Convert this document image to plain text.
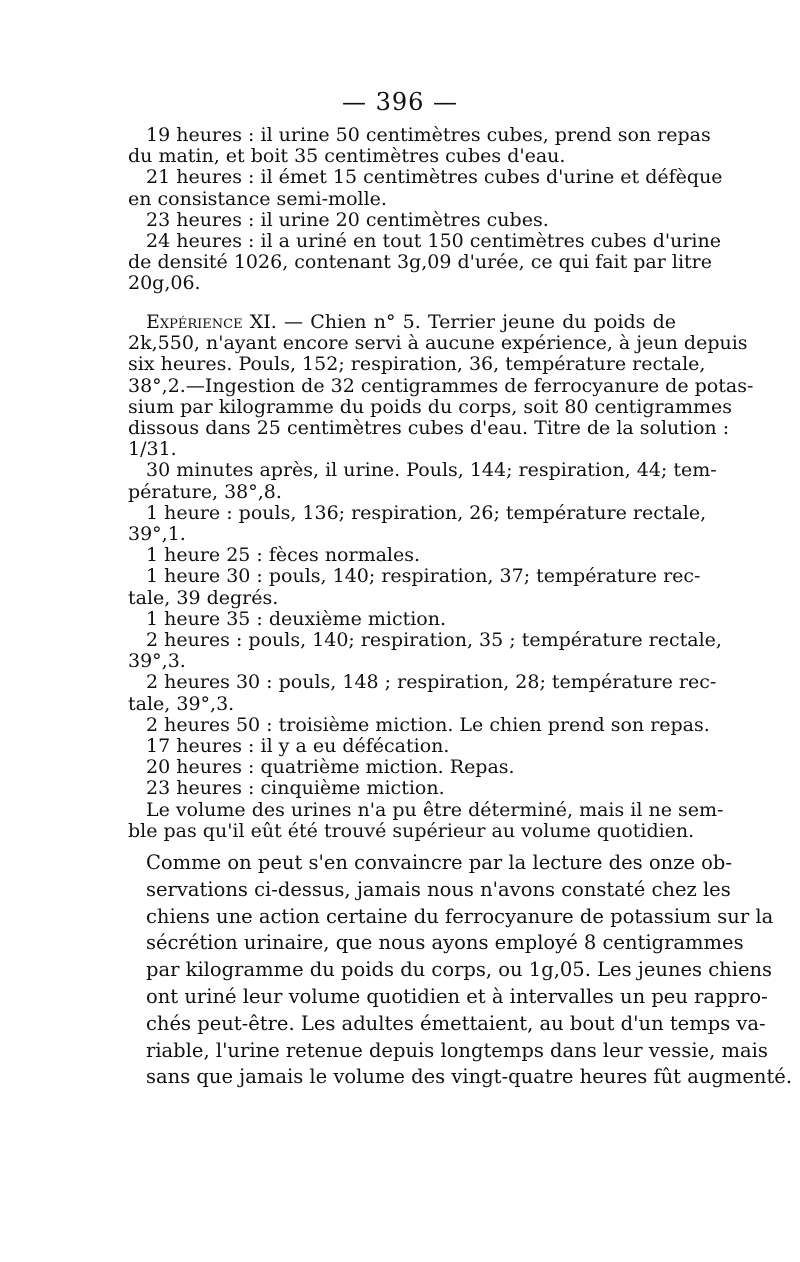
— 396 —
19 heures : il urine 50 centimètres cubes, prend son repas
du matin, et boit 35 centimètres cubes d'eau.
21 heures : il émet 15 centimètres cubes d'urine et défèque
en consistance semi-molle.
23 heures : il urine 20 centimètres cubes.
24 heures : il a uriné en tout 150 centimètres cubes d'urine
de densité 1026, contenant 3g,09 d'urée, ce qui fait par litre
20g,06.
Expérience XI. — Chien n° 5. Terrier jeune du poids de
2k,550, n'ayant encore servi à aucune expérience, à jeun depuis
six heures. Pouls, 152; respiration, 36, température rectale,
38°,2.—Ingestion de 32 centigrammes de ferrocyanure de potas-
sium par kilogramme du poids du corps, soit 80 centigrammes
dissous dans 25 centimètres cubes d'eau. Titre de la solution :
1/31.
30 minutes après, il urine. Pouls, 144; respiration, 44; tem-
pérature, 38°,8.
1 heure : pouls, 136; respiration, 26; température rectale,
39°,1.
1 heure 25 : fèces normales.
1 heure 30 : pouls, 140; respiration, 37; température rec-
tale, 39 degrés.
1 heure 35 : deuxième miction.
2 heures : pouls, 140; respiration, 35 ; température rectale,
39°,3.
2 heures 30 : pouls, 148 ; respiration, 28; température rec-
tale, 39°,3.
2 heures 50 : troisième miction. Le chien prend son repas.
17 heures : il y a eu défécation.
20 heures : quatrième miction. Repas.
23 heures : cinquième miction.
Le volume des urines n'a pu être déterminé, mais il ne sem-
ble pas qu'il eût été trouvé supérieur au volume quotidien.
Comme on peut s'en convaincre par la lecture des onze ob-
servations ci-dessus, jamais nous n'avons constaté chez les
chiens une action certaine du ferrocyanure de potassium sur la
sécrétion urinaire, que nous ayons employé 8 centigrammes
par kilogramme du poids du corps, ou 1g,05. Les jeunes chiens
ont uriné leur volume quotidien et à intervalles un peu rappro-
chés peut-être. Les adultes émettaient, au bout d'un temps va-
riable, l'urine retenue depuis longtemps dans leur vessie, mais
sans que jamais le volume des vingt-quatre heures fût augmenté.
